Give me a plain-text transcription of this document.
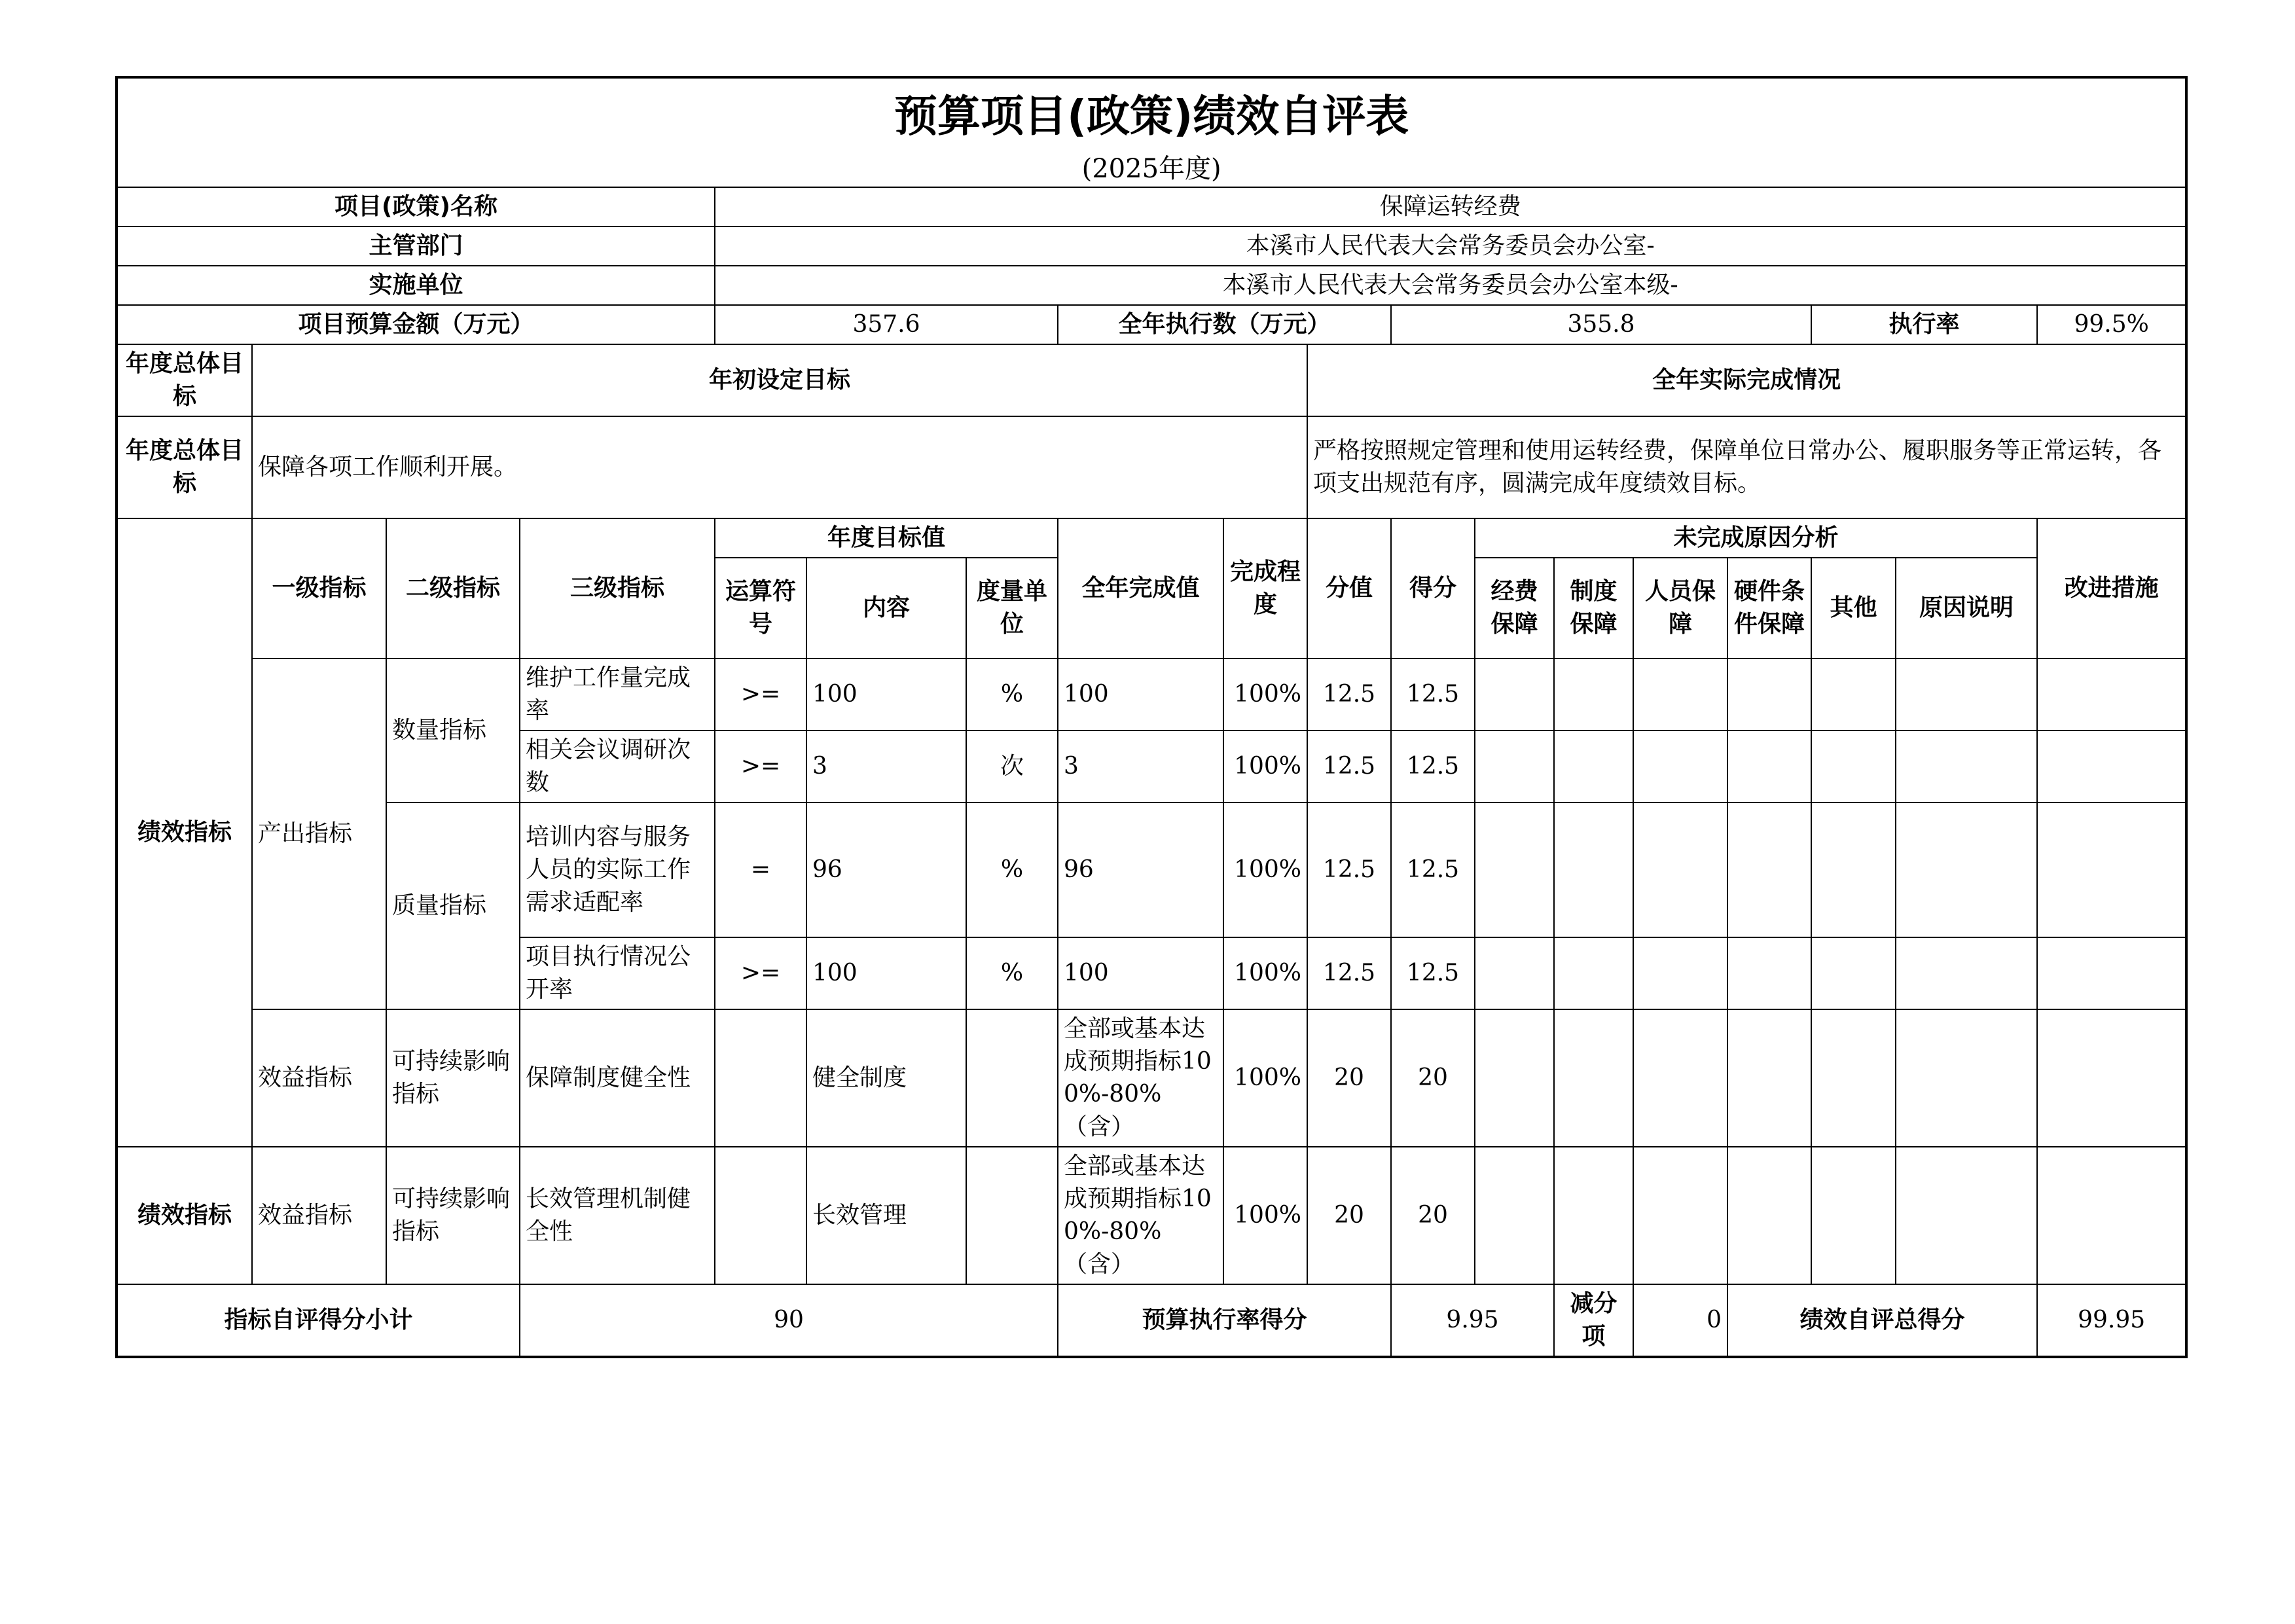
预算项目(政策)绩效自评表																	
(2025年度)																	
项目(政策)名称				保障运转经费													
主管部门				本溪市人民代表大会常务委员会办公室-													
实施单位				本溪市人民代表大会常务委员会办公室本级-													
项目预算金额（万元）				357.6			全年执行数（万元）			355.8					执行率		99.5%
年度总体目标	年初设定目标								全年实际完成情况								
年度总体目标	保障各项工作顺利开展。								严格按照规定管理和使用运转经费，保障单位日常办公、履职服务等正常运转，各项支出规范有序，圆满完成年度绩效目标。								
绩效指标	一级指标	二级指标	三级指标	年度目标值			全年完成值	完成程度	分值	得分	未完成原因分析						改进措施
				运算符号	内容	度量单位					经费保障	制度保障	人员保障	硬件条件保障	其他	原因说明	
	产出指标	数量指标	维护工作量完成率	>=	100	%	100	100%	12.5	12.5							
			相关会议调研次数	>=	3	次	3	100%	12.5	12.5							
		质量指标	培训内容与服务人员的实际工作需求适配率	=	96	%	96	100%	12.5	12.5							
			项目执行情况公开率	>=	100	%	100	100%	12.5	12.5							
	效益指标	可持续影响指标	保障制度健全性		健全制度		全部或基本达成预期指标100%-80%（含）	100%	20	20							
绩效指标	效益指标	可持续影响指标	长效管理机制健全性		长效管理		全部或基本达成预期指标100%-80%（含）	100%	20	20							
指标自评得分小计			90				预算执行率得分			9.95		减分项	0	绩效自评总得分			99.95
